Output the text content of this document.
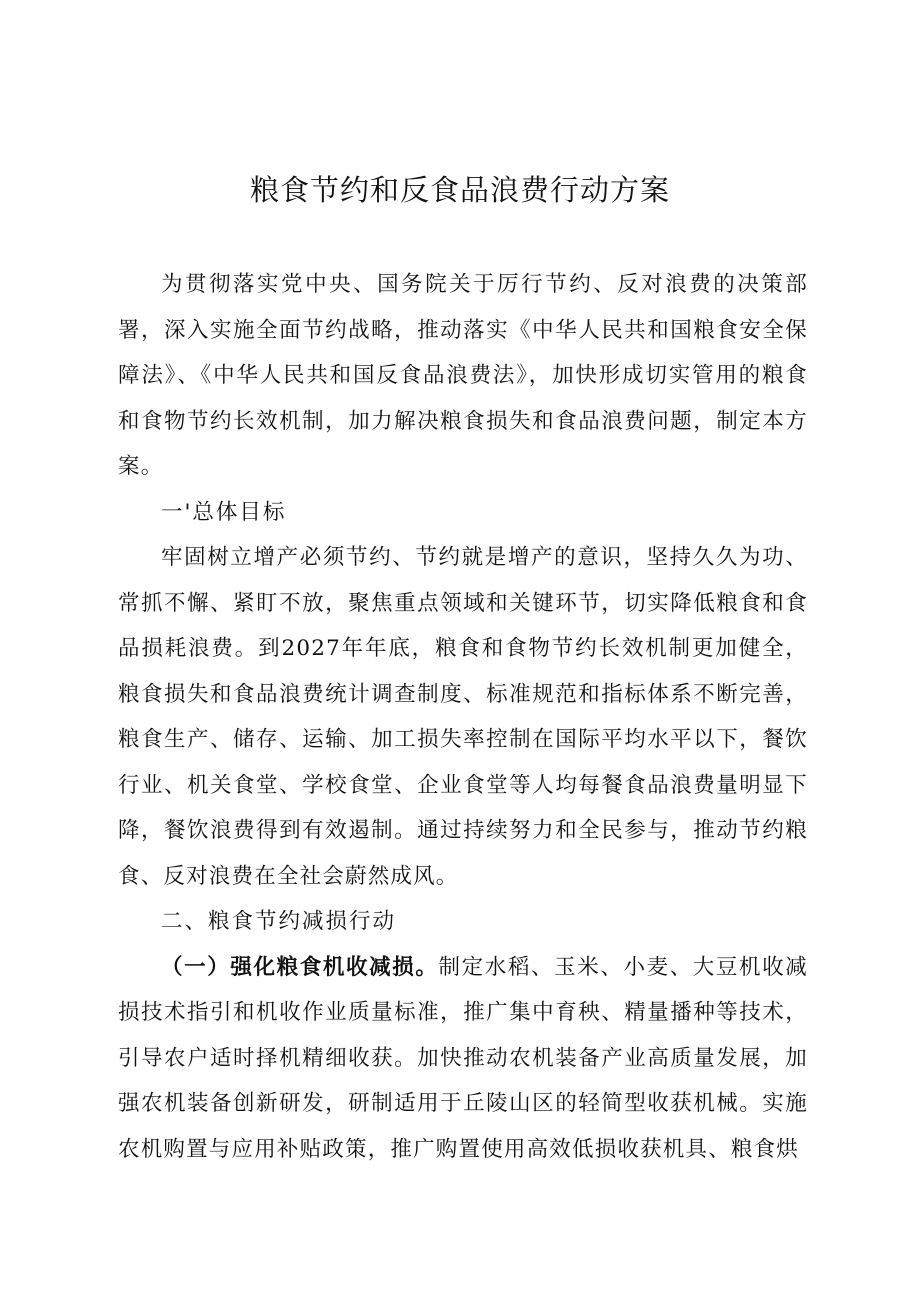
粮食节约和反食品浪费行动方案

为贯彻落实党中央、国务院关于厉行节约、反对浪费的决策部署，深入实施全面节约战略，推动落实《中华人民共和国粮食安全保障法》、《中华人民共和国反食品浪费法》，加快形成切实管用的粮食和食物节约长效机制，加力解决粮食损失和食品浪费问题，制定本方案。

一'总体目标

牢固树立增产必须节约、节约就是增产的意识，坚持久久为功、常抓不懈、紧盯不放，聚焦重点领域和关键环节，切实降低粮食和食品损耗浪费。到2027年年底，粮食和食物节约长效机制更加健全，粮食损失和食品浪费统计调查制度、标准规范和指标体系不断完善，粮食生产、储存、运输、加工损失率控制在国际平均水平以下，餐饮行业、机关食堂、学校食堂、企业食堂等人均每餐食品浪费量明显下降，餐饮浪费得到有效遏制。通过持续努力和全民参与，推动节约粮食、反对浪费在全社会蔚然成风。

二、粮食节约减损行动

（一）强化粮食机收减损。制定水稻、玉米、小麦、大豆机收减损技术指引和机收作业质量标准，推广集中育秧、精量播种等技术，引导农户适时择机精细收获。加快推动农机装备产业高质量发展，加强农机装备创新研发，研制适用于丘陵山区的轻简型收获机械。实施农机购置与应用补贴政策，推广购置使用高效低损收获机具、粮食烘
